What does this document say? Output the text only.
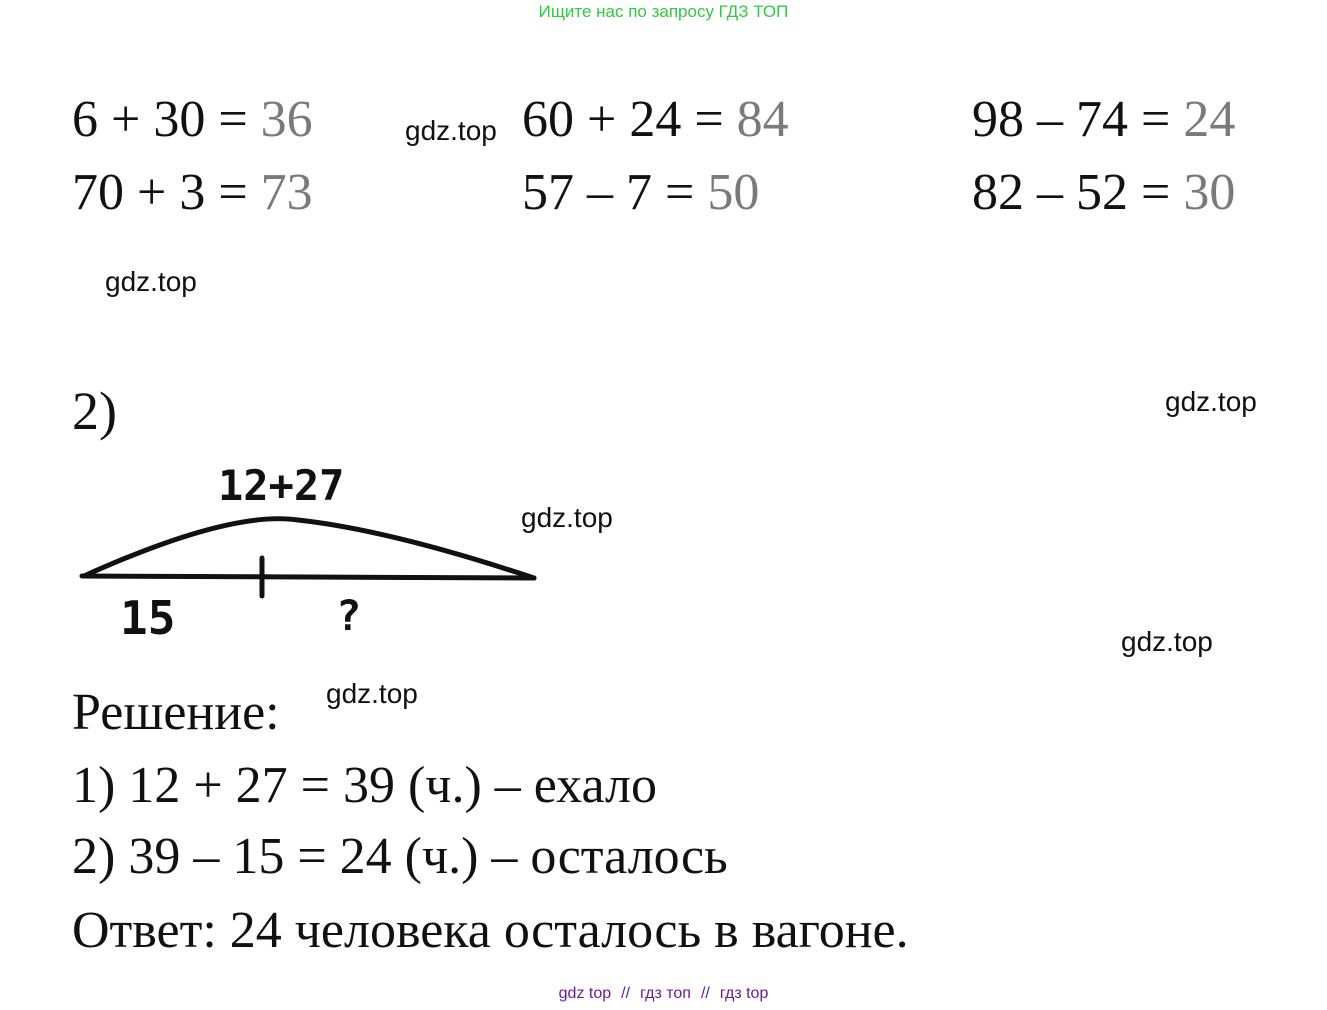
Ищите нас по запросу ГДЗ ТОП
6 + 30 = 36
70 + 3 = 73
60 + 24 = 84
57 – 7 = 50
98 – 74 = 24
82 – 52 = 30
gdz.top
gdz.top
gdz.top
gdz.top
gdz.top
gdz.top
2)
12+27
15	?
Решение:
1) 12 + 27 = 39 (ч.) – ехало
2) 39 – 15 = 24 (ч.) – осталось
Ответ: 24 человека осталось в вагоне.
gdz top // гдз топ // гдз top
